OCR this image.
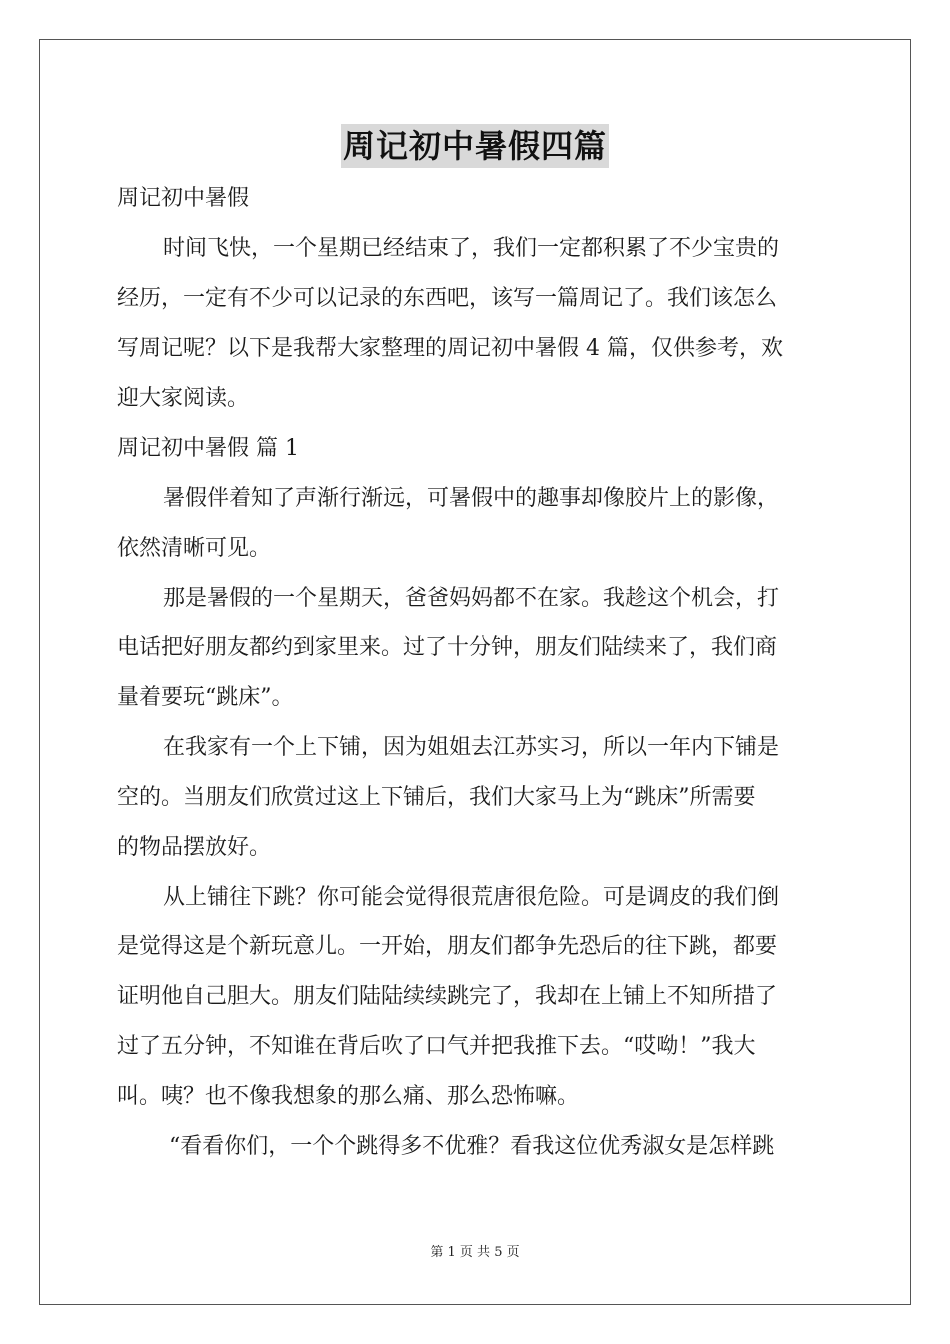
周记初中暑假四篇
周记初中暑假
时间飞快，一个星期已经结束了，我们一定都积累了不少宝贵的
经历，一定有不少可以记录的东西吧，该写一篇周记了。我们该怎么
写周记呢？以下是我帮大家整理的周记初中暑假 4 篇，仅供参考，欢
迎大家阅读。
周记初中暑假 篇 1
暑假伴着知了声渐行渐远，可暑假中的趣事却像胶片上的影像，
依然清晰可见。
那是暑假的一个星期天，爸爸妈妈都不在家。我趁这个机会，打
电话把好朋友都约到家里来。过了十分钟，朋友们陆续来了，我们商
量着要玩“跳床”。
在我家有一个上下铺，因为姐姐去江苏实习，所以一年内下铺是
空的。当朋友们欣赏过这上下铺后，我们大家马上为“跳床”所需要
的物品摆放好。
从上铺往下跳？你可能会觉得很荒唐很危险。可是调皮的我们倒
是觉得这是个新玩意儿。一开始，朋友们都争先恐后的往下跳，都要
证明他自己胆大。朋友们陆陆续续跳完了，我却在上铺上不知所措了
过了五分钟，不知谁在背后吹了口气并把我推下去。“哎呦！”我大
叫。咦？也不像我想象的那么痛、那么恐怖嘛。
“看看你们，一个个跳得多不优雅？看我这位优秀淑女是怎样跳
第 1 页 共 5 页
